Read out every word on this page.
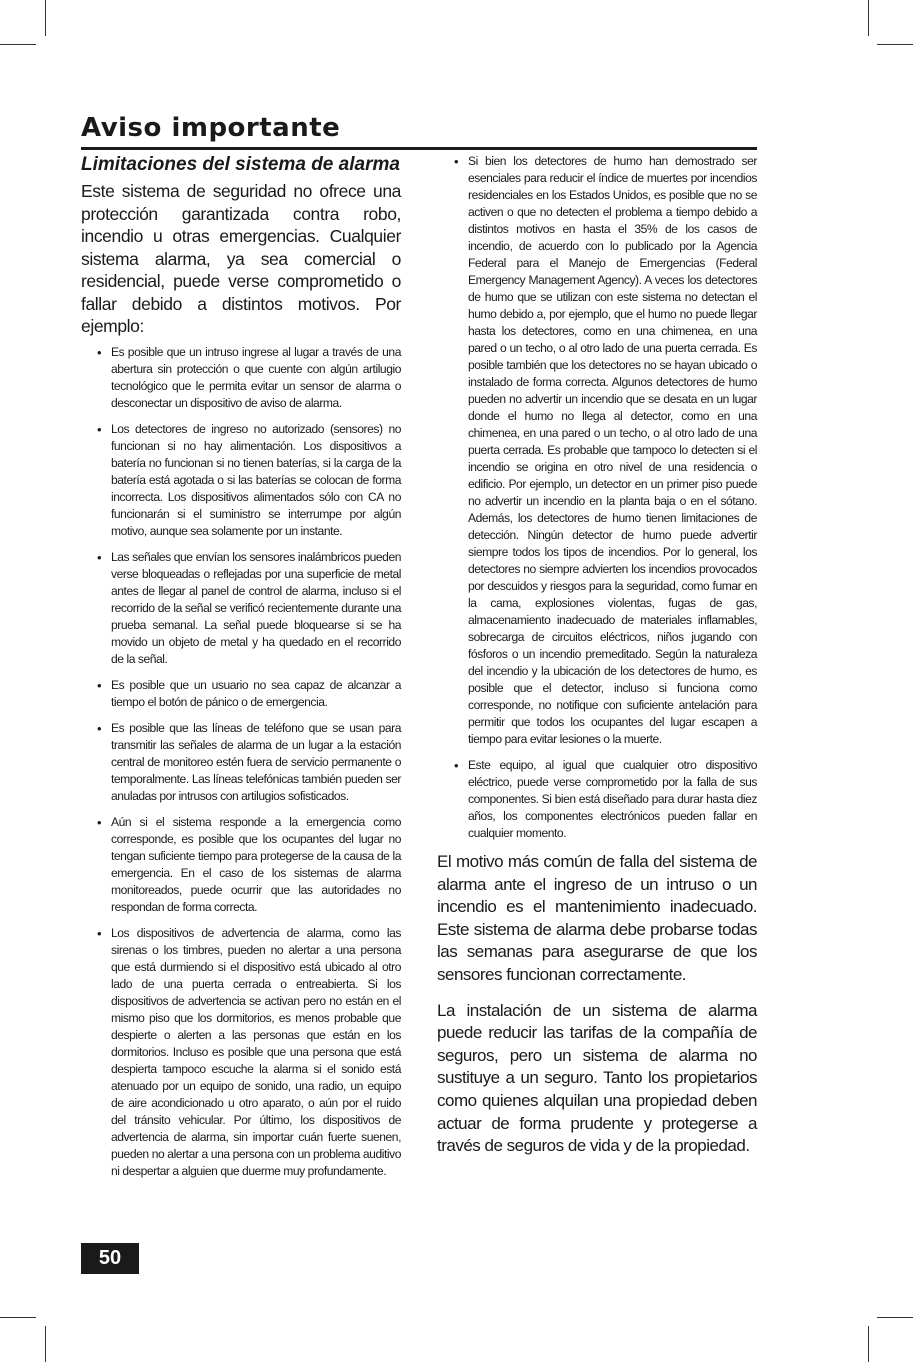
Aviso importante
Limitaciones del sistema de alarma

Este sistema de seguridad no ofrece una protección garantizada contra robo, incendio u otras emergencias. Cualquier sistema alarma, ya sea comercial o residencial, puede verse comprometido o fallar debido a distintos motivos. Por ejemplo:

• Es posible que un intruso ingrese al lugar a través de una abertura sin protección o que cuente con algún artilugio tecnológico que le permita evitar un sensor de alarma o desconectar un dispositivo de aviso de alarma.
• Los detectores de ingreso no autorizado (sensores) no funcionan si no hay alimentación. Los dispositivos a batería no funcionan si no tienen baterías, si la carga de la batería está agotada o si las baterías se colocan de forma incorrecta. Los dispositivos alimentados sólo con CA no funcionarán si el suministro se interrumpe por algún motivo, aunque sea solamente por un instante.
• Las señales que envían los sensores inalámbricos pueden verse bloqueadas o reflejadas por una superficie de metal antes de llegar al panel de control de alarma, incluso si el recorrido de la señal se verificó recientemente durante una prueba semanal. La señal puede bloquearse si se ha movido un objeto de metal y ha quedado en el recorrido de la señal.
• Es posible que un usuario no sea capaz de alcanzar a tiempo el botón de pánico o de emergencia.
• Es posible que las líneas de teléfono que se usan para transmitir las señales de alarma de un lugar a la estación central de monitoreo estén fuera de servicio permanente o temporalmente. Las líneas telefónicas también pueden ser anuladas por intrusos con artilugios sofisticados.
• Aún si el sistema responde a la emergencia como corresponde, es posible que los ocupantes del lugar no tengan suficiente tiempo para protegerse de la causa de la emergencia. En el caso de los sistemas de alarma monitoreados, puede ocurrir que las autoridades no respondan de forma correcta.
• Los dispositivos de advertencia de alarma, como las sirenas o los timbres, pueden no alertar a una persona que está durmiendo si el dispositivo está ubicado al otro lado de una puerta cerrada o entreabierta. Si los dispositivos de advertencia se activan pero no están en el mismo piso que los dormitorios, es menos probable que despierte o alerten a las personas que están en los dormitorios. Incluso es posible que una persona que está despierta tampoco escuche la alarma si el sonido está atenuado por un equipo de sonido, una radio, un equipo de aire acondicionado u otro aparato, o aún por el ruido del tránsito vehicular. Por último, los dispositivos de advertencia de alarma, sin importar cuán fuerte suenen, pueden no alertar a una persona con un problema auditivo ni despertar a alguien que duerme muy profundamente.
• Si bien los detectores de humo han demostrado ser esenciales para reducir el índice de muertes por incendios residenciales en los Estados Unidos, es posible que no se activen o que no detecten el problema a tiempo debido a distintos motivos en hasta el 35% de los casos de incendio, de acuerdo con lo publicado por la Agencia Federal para el Manejo de Emergencias (Federal Emergency Management Agency). A veces los detectores de humo que se utilizan con este sistema no detectan el humo debido a, por ejemplo, que el humo no puede llegar hasta los detectores, como en una chimenea, en una pared o un techo, o al otro lado de una puerta cerrada. Es posible también que los detectores no se hayan ubicado o instalado de forma correcta. Algunos detectores de humo pueden no advertir un incendio que se desata en un lugar donde el humo no llega al detector, como en una chimenea, en una pared o un techo, o al otro lado de una puerta cerrada. Es probable que tampoco lo detecten si el incendio se origina en otro nivel de una residencia o edificio. Por ejemplo, un detector en un primer piso puede no advertir un incendio en la planta baja o en el sótano. Además, los detectores de humo tienen limitaciones de detección. Ningún detector de humo puede advertir siempre todos los tipos de incendios. Por lo general, los detectores no siempre advierten los incendios provocados por descuidos y riesgos para la seguridad, como fumar en la cama, explosiones violentas, fugas de gas, almacenamiento inadecuado de materiales inflamables, sobrecarga de circuitos eléctricos, niños jugando con fósforos o un incendio premeditado. Según la naturaleza del incendio y la ubicación de los detectores de humo, es posible que el detector, incluso si funciona como corresponde, no notifique con suficiente antelación para permitir que todos los ocupantes del lugar escapen a tiempo para evitar lesiones o la muerte.
• Este equipo, al igual que cualquier otro dispositivo eléctrico, puede verse comprometido por la falla de sus componentes. Si bien está diseñado para durar hasta diez años, los componentes electrónicos pueden fallar en cualquier momento.

El motivo más común de falla del sistema de alarma ante el ingreso de un intruso o un incendio es el mantenimiento inadecuado. Este sistema de alarma debe probarse todas las semanas para asegurarse de que los sensores funcionan correctamente.

La instalación de un sistema de alarma puede reducir las tarifas de la compañía de seguros, pero un sistema de alarma no sustituye a un seguro. Tanto los propietarios como quienes alquilan una propiedad deben actuar de forma prudente y protegerse a través de seguros de vida y de la propiedad.

50
